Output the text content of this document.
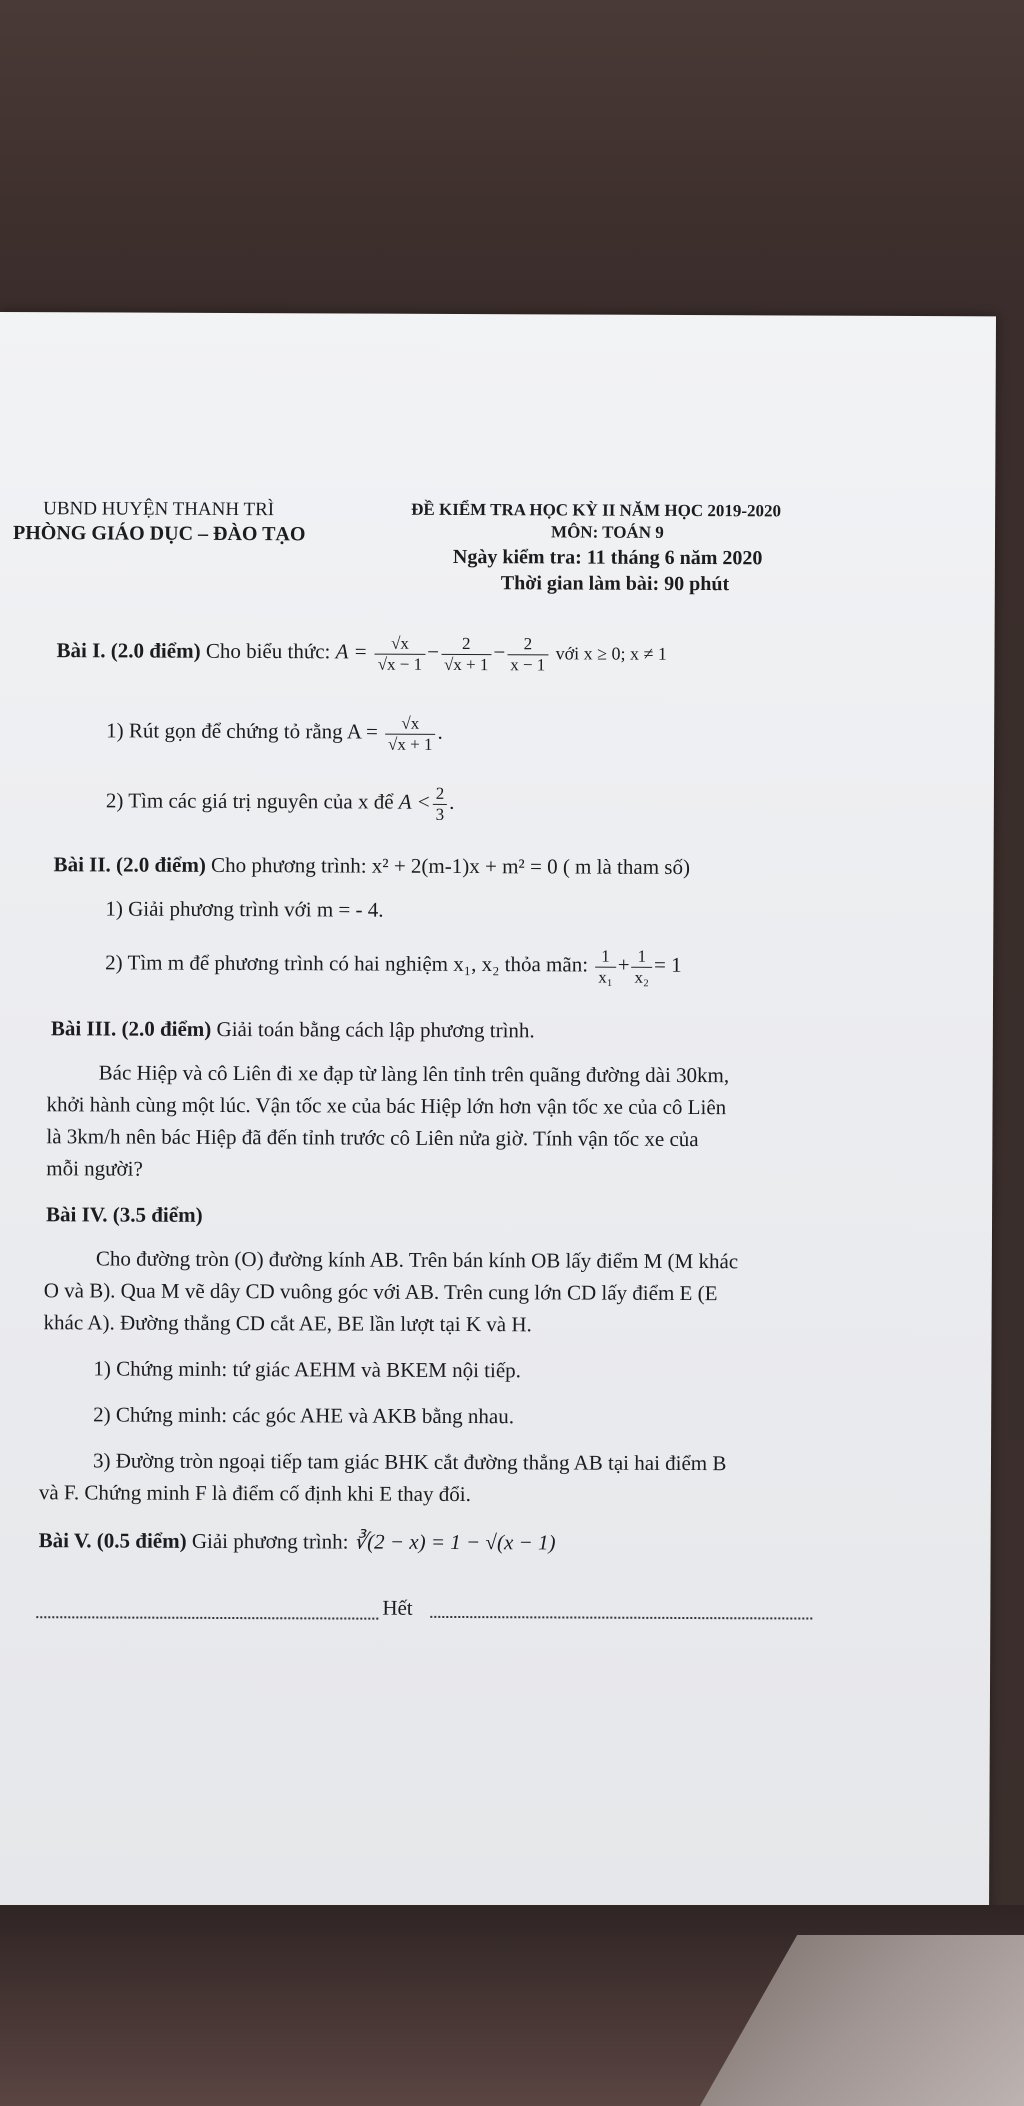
UBND HUYỆN THANH TRÌ
PHÒNG GIÁO DỤC – ĐÀO TẠO
ĐỀ KIỂM TRA HỌC KỲ II NĂM HỌC 2019-2020
MÔN: TOÁN 9
Ngày kiểm tra: 11 tháng 6 năm 2020
Thời gian làm bài: 90 phút
Bài I. (2.0 điểm) Cho biểu thức: $A = \frac{√x}{√x - 1} - \frac{2}{√x + 1} - \frac{2}{x - 1}$ với x ≥ 0; x ≠ 1
1) Rút gọn để chứng tỏ rằng $A = \frac{√x}{√x + 1}$ .
2) Tìm các giá trị nguyên của x để $A < \frac{2}{3}$ .
Bài II. (2.0 điểm) Cho phương trình: x² + 2(m-1)x + m² = 0 ( m là tham số)
1) Giải phương trình với m = - 4.
2) Tìm m để phương trình có hai nghiệm x₁, x₂ thỏa mãn: $\frac{1}{\text{x₁}} + \frac{1}{\text{x₂}} = 1$
Bài III. (2.0 điểm) Giải toán bằng cách lập phương trình.
Bác Hiệp và cô Liên đi xe đạp từ làng lên tỉnh trên quãng đường dài 30km,
khởi hành cùng một lúc. Vận tốc xe của bác Hiệp lớn hơn vận tốc xe của cô Liên
là 3km/h nên bác Hiệp đã đến tỉnh trước cô Liên nửa giờ. Tính vận tốc xe của
mỗi người?
Bài IV. (3.5 điểm)
Cho đường tròn (O) đường kính AB. Trên bán kính OB lấy điểm M (M khác
O và B). Qua M vẽ dây CD vuông góc với AB. Trên cung lớn CD lấy điểm E (E
khác A). Đường thẳng CD cắt AE, BE lần lượt tại K và H.
1) Chứng minh: tứ giác AEHM và BKEM nội tiếp.
2) Chứng minh: các góc AHE và AKB bằng nhau.
3) Đường tròn ngoại tiếp tam giác BHK cắt đường thẳng AB tại hai điểm B
và F. Chứng minh F là điểm cố định khi E thay đổi.
Bài V. (0.5 điểm) Giải phương trình: ∛(2 − x) = 1 − √(x − 1)
Hết
